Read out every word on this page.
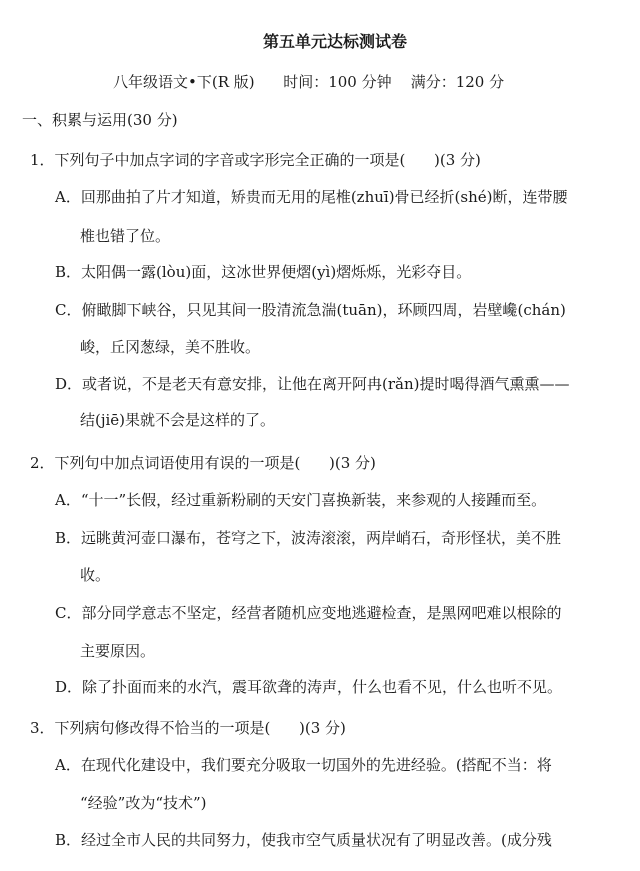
第五单元达标测试卷
八年级语文•下(R 版)      时间：100 分钟    满分：120 分
一、积累与运用(30 分)
1．下列句子中加点字词的字音或字形完全正确的一项是(      )(3 分)
A．回那曲拍了片才知道，矫贵而无用的尾椎(zhuī)骨已经折(shé)断，连带腰
椎也错了位。
B．太阳偶一露(lòu)面，这冰世界便熠(yì)熠烁烁，光彩夺目。
C．俯瞰脚下峡谷，只见其间一股清流急湍(tuān)，环顾四周，岩壁巉(chán)
峻，丘冈葱绿，美不胜收。
D．或者说，不是老天有意安排，让他在离开阿冉(rǎn)提时喝得酒气熏熏——
结(jiē)果就不会是这样的了。
2．下列句中加点词语使用有误的一项是(      )(3 分)
A．“十一”长假，经过重新粉刷的天安门喜换新装，来参观的人接踵而至。
B．远眺黄河壶口瀑布，苍穹之下，波涛滚滚，两岸峭石，奇形怪状，美不胜
收。
C．部分同学意志不坚定，经营者随机应变地逃避检查，是黑网吧难以根除的
主要原因。
D．除了扑面而来的水汽，震耳欲聋的涛声，什么也看不见，什么也听不见。
3．下列病句修改得不恰当的一项是(      )(3 分)
A．在现代化建设中，我们要充分吸取一切国外的先进经验。(搭配不当：将
“经验”改为“技术”)
B．经过全市人民的共同努力，使我市空气质量状况有了明显改善。(成分残
